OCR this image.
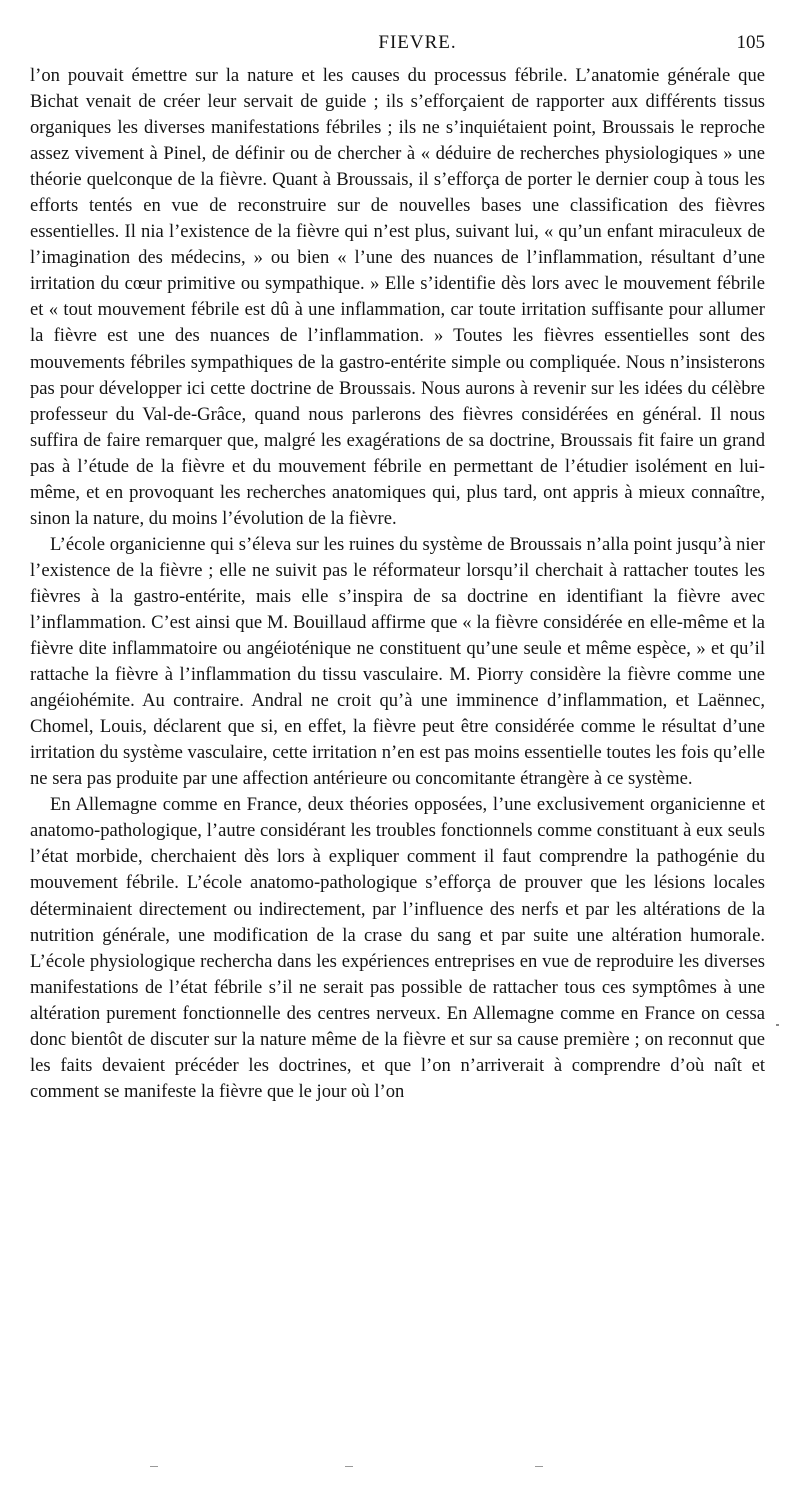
FIEVRE.	105

l’on pouvait émettre sur la nature et les causes du processus fébrile. L’anatomie générale que Bichat venait de créer leur servait de guide ; ils s’efforçaient de rapporter aux différents tissus organiques les diverses manifestations fébriles ; ils ne s’inquiétaient point, Broussais le reproche assez vivement à Pinel, de définir ou de chercher à « déduire de recherches physiologiques » une théorie quelconque de la fièvre. Quant à Broussais, il s’efforça de porter le dernier coup à tous les efforts tentés en vue de reconstruire sur de nouvelles bases une classification des fièvres essentielles. Il nia l’existence de la fièvre qui n’est plus, suivant lui, « qu’un enfant miraculeux de l’imagination des médecins, » ou bien « l’une des nuances de l’inflammation, résultant d’une irritation du cœur primitive ou sympathique. » Elle s’identifie dès lors avec le mouvement fébrile et « tout mouvement fébrile est dû à une inflammation, car toute irritation suffisante pour allumer la fièvre est une des nuances de l’inflammation. » Toutes les fièvres essentielles sont des mouvements fébriles sympathiques de la gastro-entérite simple ou compliquée. Nous n’insisterons pas pour développer ici cette doctrine de Broussais. Nous aurons à revenir sur les idées du célèbre professeur du Val-de-Grâce, quand nous parlerons des fièvres considérées en général. Il nous suffira de faire remarquer que, malgré les exagérations de sa doctrine, Broussais fit faire un grand pas à l’étude de la fièvre et du mouvement fébrile en permettant de l’étudier isolément en lui-même, et en provoquant les recherches anatomiques qui, plus tard, ont appris à mieux connaître, sinon la nature, du moins l’évolution de la fièvre.

L’école organicienne qui s’éleva sur les ruines du système de Broussais n’alla point jusqu’à nier l’existence de la fièvre ; elle ne suivit pas le réformateur lorsqu’il cherchait à rattacher toutes les fièvres à la gastro-entérite, mais elle s’inspira de sa doctrine en identifiant la fièvre avec l’inflammation. C’est ainsi que M. Bouillaud affirme que « la fièvre considérée en elle-même et la fièvre dite inflammatoire ou angéioténique ne constituent qu’une seule et même espèce, » et qu’il rattache la fièvre à l’inflammation du tissu vasculaire. M. Piorry considère la fièvre comme une angéiohémite. Au contraire. Andral ne croit qu’à une imminence d’inflammation, et Laënnec, Chomel, Louis, déclarent que si, en effet, la fièvre peut être considérée comme le résultat d’une irritation du système vasculaire, cette irritation n’en est pas moins essentielle toutes les fois qu’elle ne sera pas produite par une affection antérieure ou concomitante étrangère à ce système.

En Allemagne comme en France, deux théories opposées, l’une exclusivement organicienne et anatomo-pathologique, l’autre considérant les troubles fonctionnels comme constituant à eux seuls l’état morbide, cherchaient dès lors à expliquer comment il faut comprendre la pathogénie du mouvement fébrile. L’école anatomo-pathologique s’efforça de prouver que les lésions locales déterminaient directement ou indirectement, par l’influence des nerfs et par les altérations de la nutrition générale, une modification de la crase du sang et par suite une altération humorale. L’école physiologique rechercha dans les expériences entreprises en vue de reproduire les diverses manifestations de l’état fébrile s’il ne serait pas possible de rattacher tous ces symptômes à une altération purement fonctionnelle des centres nerveux. En Allemagne comme en France on cessa donc bientôt de discuter sur la nature même de la fièvre et sur sa cause première ; on reconnut que les faits devaient précéder les doctrines, et que l’on n’arriverait à comprendre d’où naît et comment se manifeste la fièvre que le jour où l’on
